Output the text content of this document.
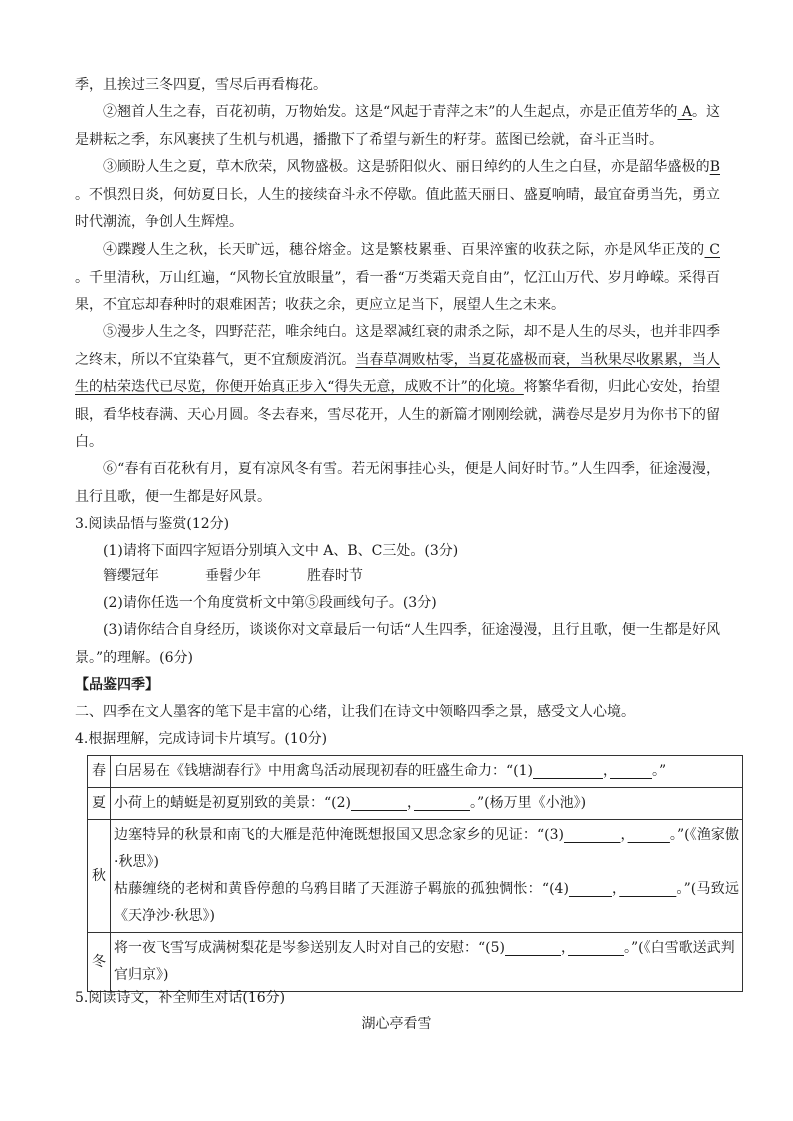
季，且挨过三冬四夏，雪尽后再看梅花。

②翘首人生之春，百花初萌，万物始发。这是“风起于青萍之末”的人生起点，亦是正值芳华的 A。这是耕耘之季，东风裹挟了生机与机遇，播撒下了希望与新生的籽芽。蓝图已绘就，奋斗正当时。

③顾盼人生之夏，草木欣荣，风物盛极。这是骄阳似火、丽日绰约的人生之白昼，亦是韶华盛极的B 。不惧烈日炎，何妨夏日长，人生的接续奋斗永不停歇。值此蓝天丽日、盛夏响晴，最宜奋勇当先，勇立时代潮流，争创人生辉煌。

④蹀躞人生之秋，长天旷远，穗谷熔金。这是繁枝累垂、百果淬蜜的收获之际，亦是风华正茂的 C 。千里清秋，万山红遍，“风物长宜放眼量”，看一番“万类霜天竞自由”，忆江山万代、岁月峥嵘。采得百果，不宜忘却春种时的艰难困苦；收获之余，更应立足当下，展望人生之未来。

⑤漫步人生之冬，四野茫茫，唯余纯白。这是翠减红衰的肃杀之际，却不是人生的尽头，也并非四季之终末，所以不宜染暮气，更不宜颓废消沉。当春草凋败枯零，当夏花盛极而衰，当秋果尽收累累，当人生的枯荣迭代已尽览，你便开始真正步入“得失无意，成败不计”的化境。将繁华看彻，归此心安处，抬望眼，看华枝春满、天心月圆。冬去春来，雪尽花开，人生的新篇才刚刚绘就，满卷尽是岁月为你书下的留白。

⑥“春有百花秋有月，夏有凉风冬有雪。若无闲事挂心头，便是人间好时节。”人生四季，征途漫漫，且行且歌，便一生都是好风景。

3.阅读品悟与鉴赏(12分)

(1)请将下面四字短语分别填入文中 A、B、C三处。(3分)

簪缨冠年	垂髫少年	胜春时节

(2)请你任选一个角度赏析文中第⑤段画线句子。(3分)

(3)请你结合自身经历，谈谈你对文章最后一句话“人生四季，征途漫漫，且行且歌，便一生都是好风景。”的理解。(6分)

【品鉴四季】

二、四季在文人墨客的笔下是丰富的心绪，让我们在诗文中领略四季之景，感受文人心境。

4.根据理解，完成诗词卡片填写。(10分)

春	白居易在《钱塘湖春行》中用禽鸟活动展现初春的旺盛生命力：“(1)　　　　　 ，　　　 。”
夏	小荷上的蜻蜓是初夏别致的美景：“(2)　　　　 ，　　　　 。”(杨万里《小池》)
秋	边塞特异的秋景和南飞的大雁是范仲淹既想报国又思念家乡的见证：“(3)　　　　 ，　　　 。”(《渔家傲·秋思》)
枯藤缠绕的老树和黄昏停憩的乌鸦目睹了天涯游子羁旅的孤独惆怅：“(4)　　　 ，　　　　 。”(马致远《天净沙·秋思》)

冬	将一夜飞雪写成满树梨花是岑参送别友人时对自己的安慰：“(5)　　　　 ，　　　　 。”(《白雪歌送武判官归京》)

5.阅读诗文，补全师生对话(16分)

湖心亭看雪
